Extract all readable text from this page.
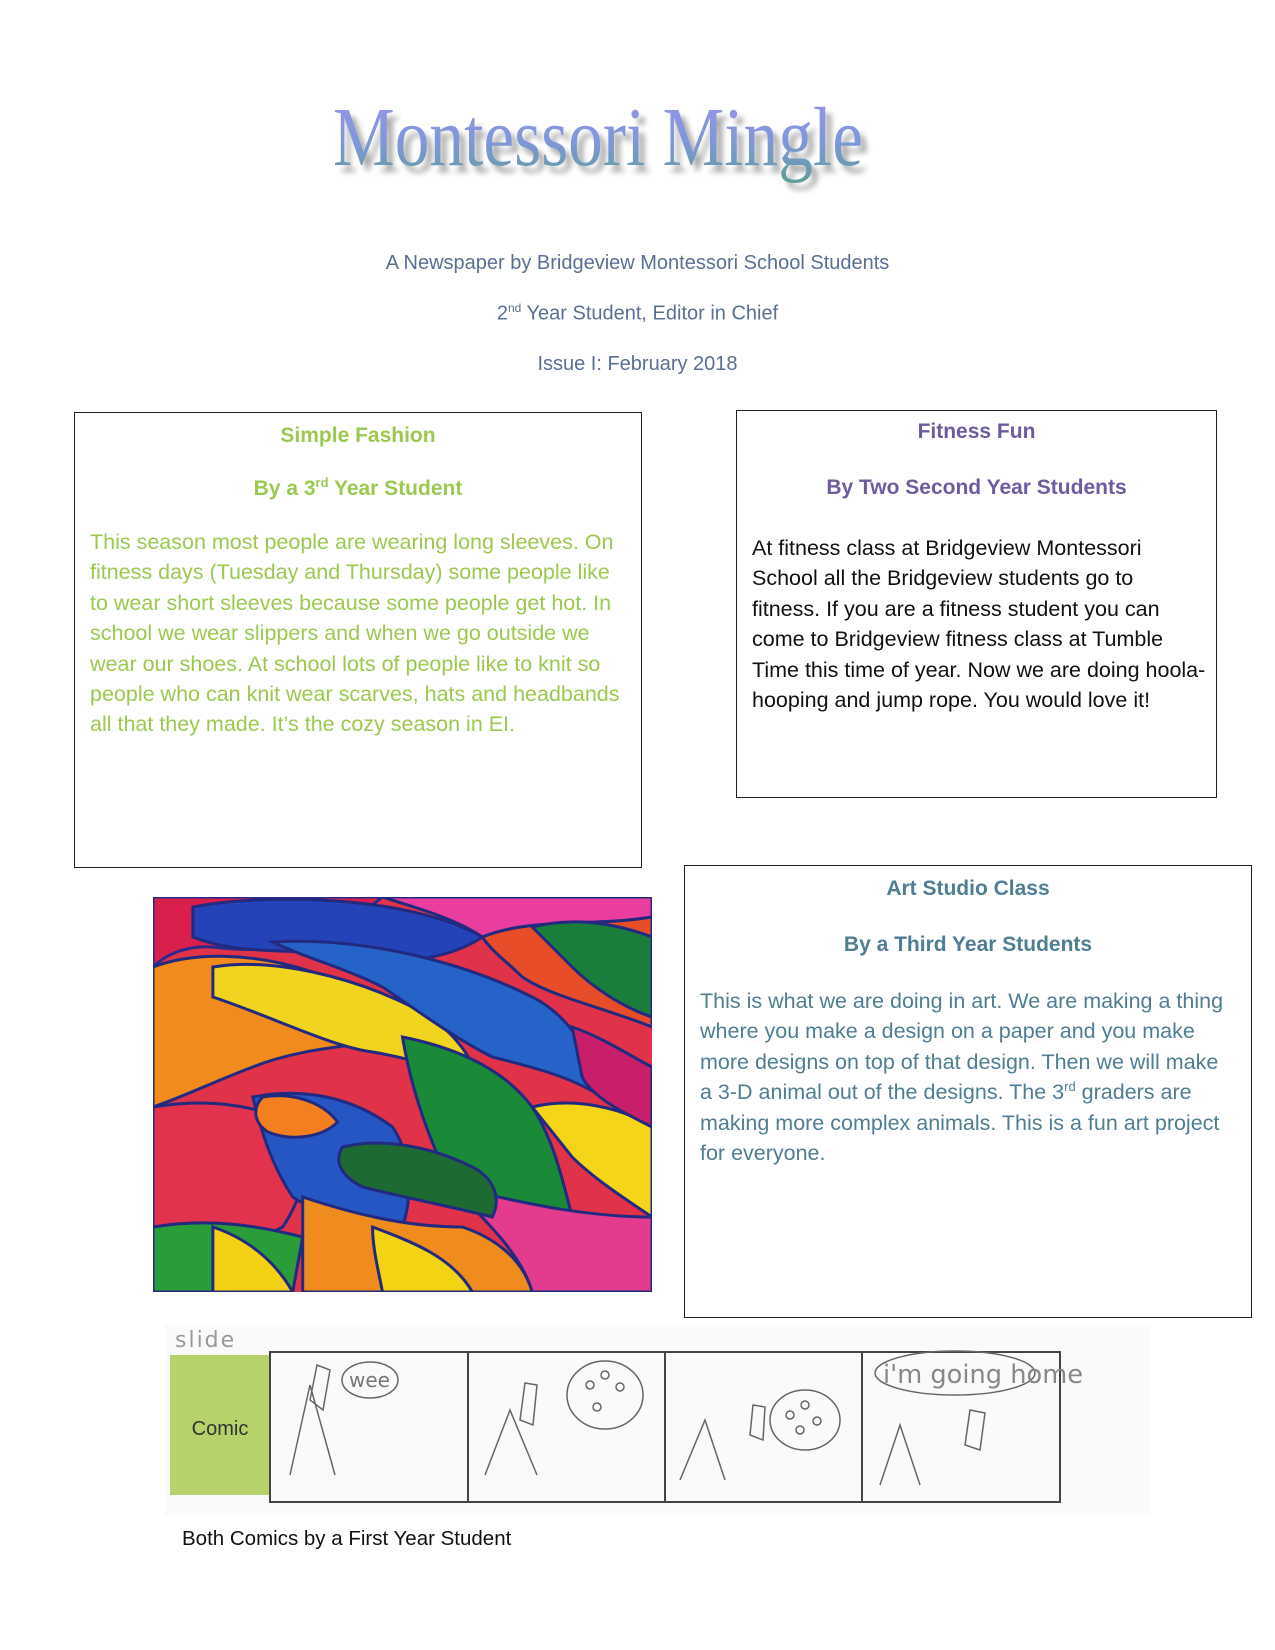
Montessori Mingle
A Newspaper by Bridgeview Montessori School Students
2nd Year Student, Editor in Chief
Issue I: February 2018
Simple Fashion
By a 3rd Year Student
This season most people are wearing long sleeves. On fitness days (Tuesday and Thursday) some people like to wear short sleeves because some people get hot. In school we wear slippers and when we go outside we wear our shoes. At school lots of people like to knit so people who can knit wear scarves, hats and headbands all that they made. It’s the cozy season in EI.
Fitness Fun
By Two Second Year Students
At fitness class at Bridgeview Montessori School all the Bridgeview students go to fitness. If you are a fitness student you can come to Bridgeview fitness class at Tumble Time this time of year. Now we are doing hoola-hooping and jump rope. You would love it!
Art Studio Class
By a Third Year Students
This is what we are doing in art. We are making a thing where you make a design on a paper and you make more designs on top of that design. Then we will make a 3-D animal out of the designs. The 3rd graders are making more complex animals. This is a fun art project for everyone.
slide
Comic
wee	i'm going home
Both Comics by a First Year Student
